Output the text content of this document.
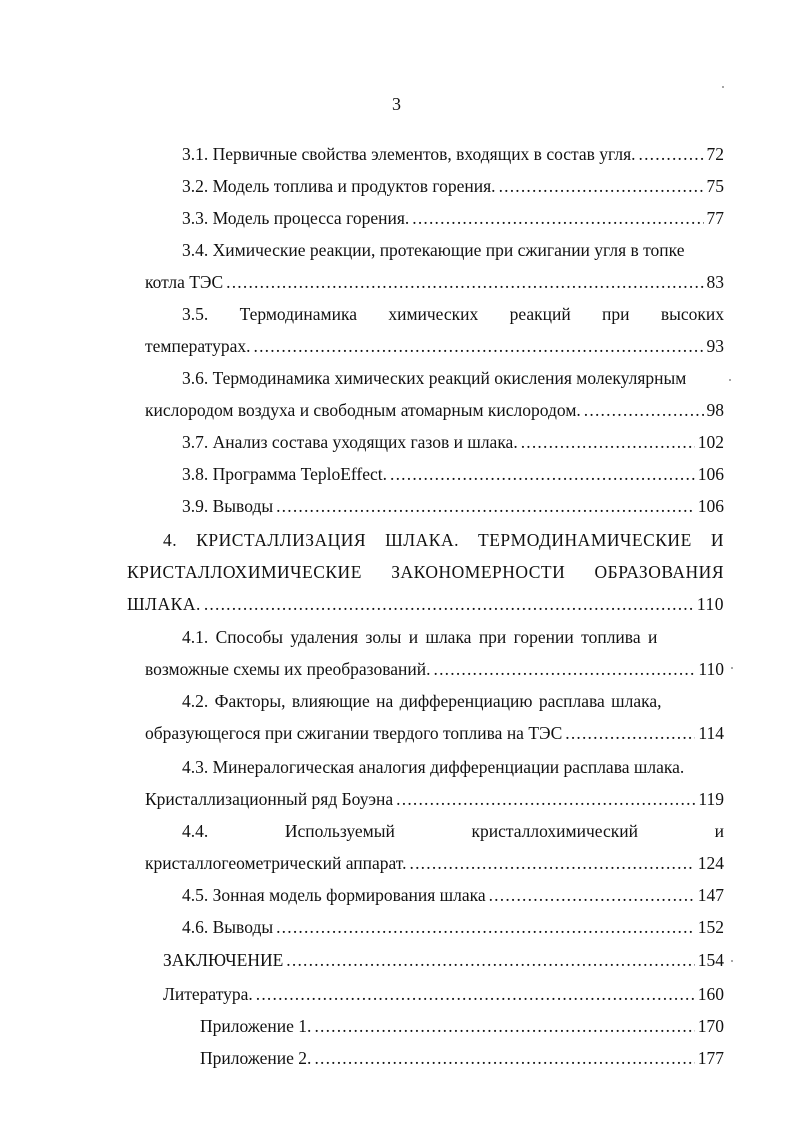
3
3.1. Первичные свойства элементов, входящих в состав угля. .....	72
3.2. Модель топлива и продуктов горения. .....	75
3.3. Модель процесса горения. .....	77
3.4. Химические реакции, протекающие при сжигании угля в топке
котла ТЭС .....	83
3.5. Термодинамика химических реакций при высоких
температурах. .....	93
3.6. Термодинамика химических реакций окисления молекулярным
кислородом воздуха и свободным атомарным кислородом. .....	98
3.7. Анализ состава уходящих газов и шлака. .....	102
3.8. Программа TeploEffect. .....	106
3.9. Выводы .....	106
4. КРИСТАЛЛИЗАЦИЯ ШЛАКА. ТЕРМОДИНАМИЧЕСКИЕ И
КРИСТАЛЛОХИМИЧЕСКИЕ ЗАКОНОМЕРНОСТИ ОБРАЗОВАНИЯ
ШЛАКА. .....	110
4.1. Способы удаления золы и шлака при горении топлива и
возможные схемы их преобразований. .....	110
4.2. Факторы, влияющие на дифференциацию расплава шлака,
образующегося при сжигании твердого топлива на ТЭС .....	114
4.3. Минералогическая аналогия дифференциации расплава шлака.
Кристаллизационный ряд Боуэна .....	119
4.4.	Используемый	кристаллохимический	и
кристаллогеометрический аппарат. .....	124
4.5. Зонная модель формирования шлака .....	147
4.6. Выводы .....	152
ЗАКЛЮЧЕНИЕ .....	154
Литература. .....	160
Приложение 1. .....	170
Приложение 2. .....	177
